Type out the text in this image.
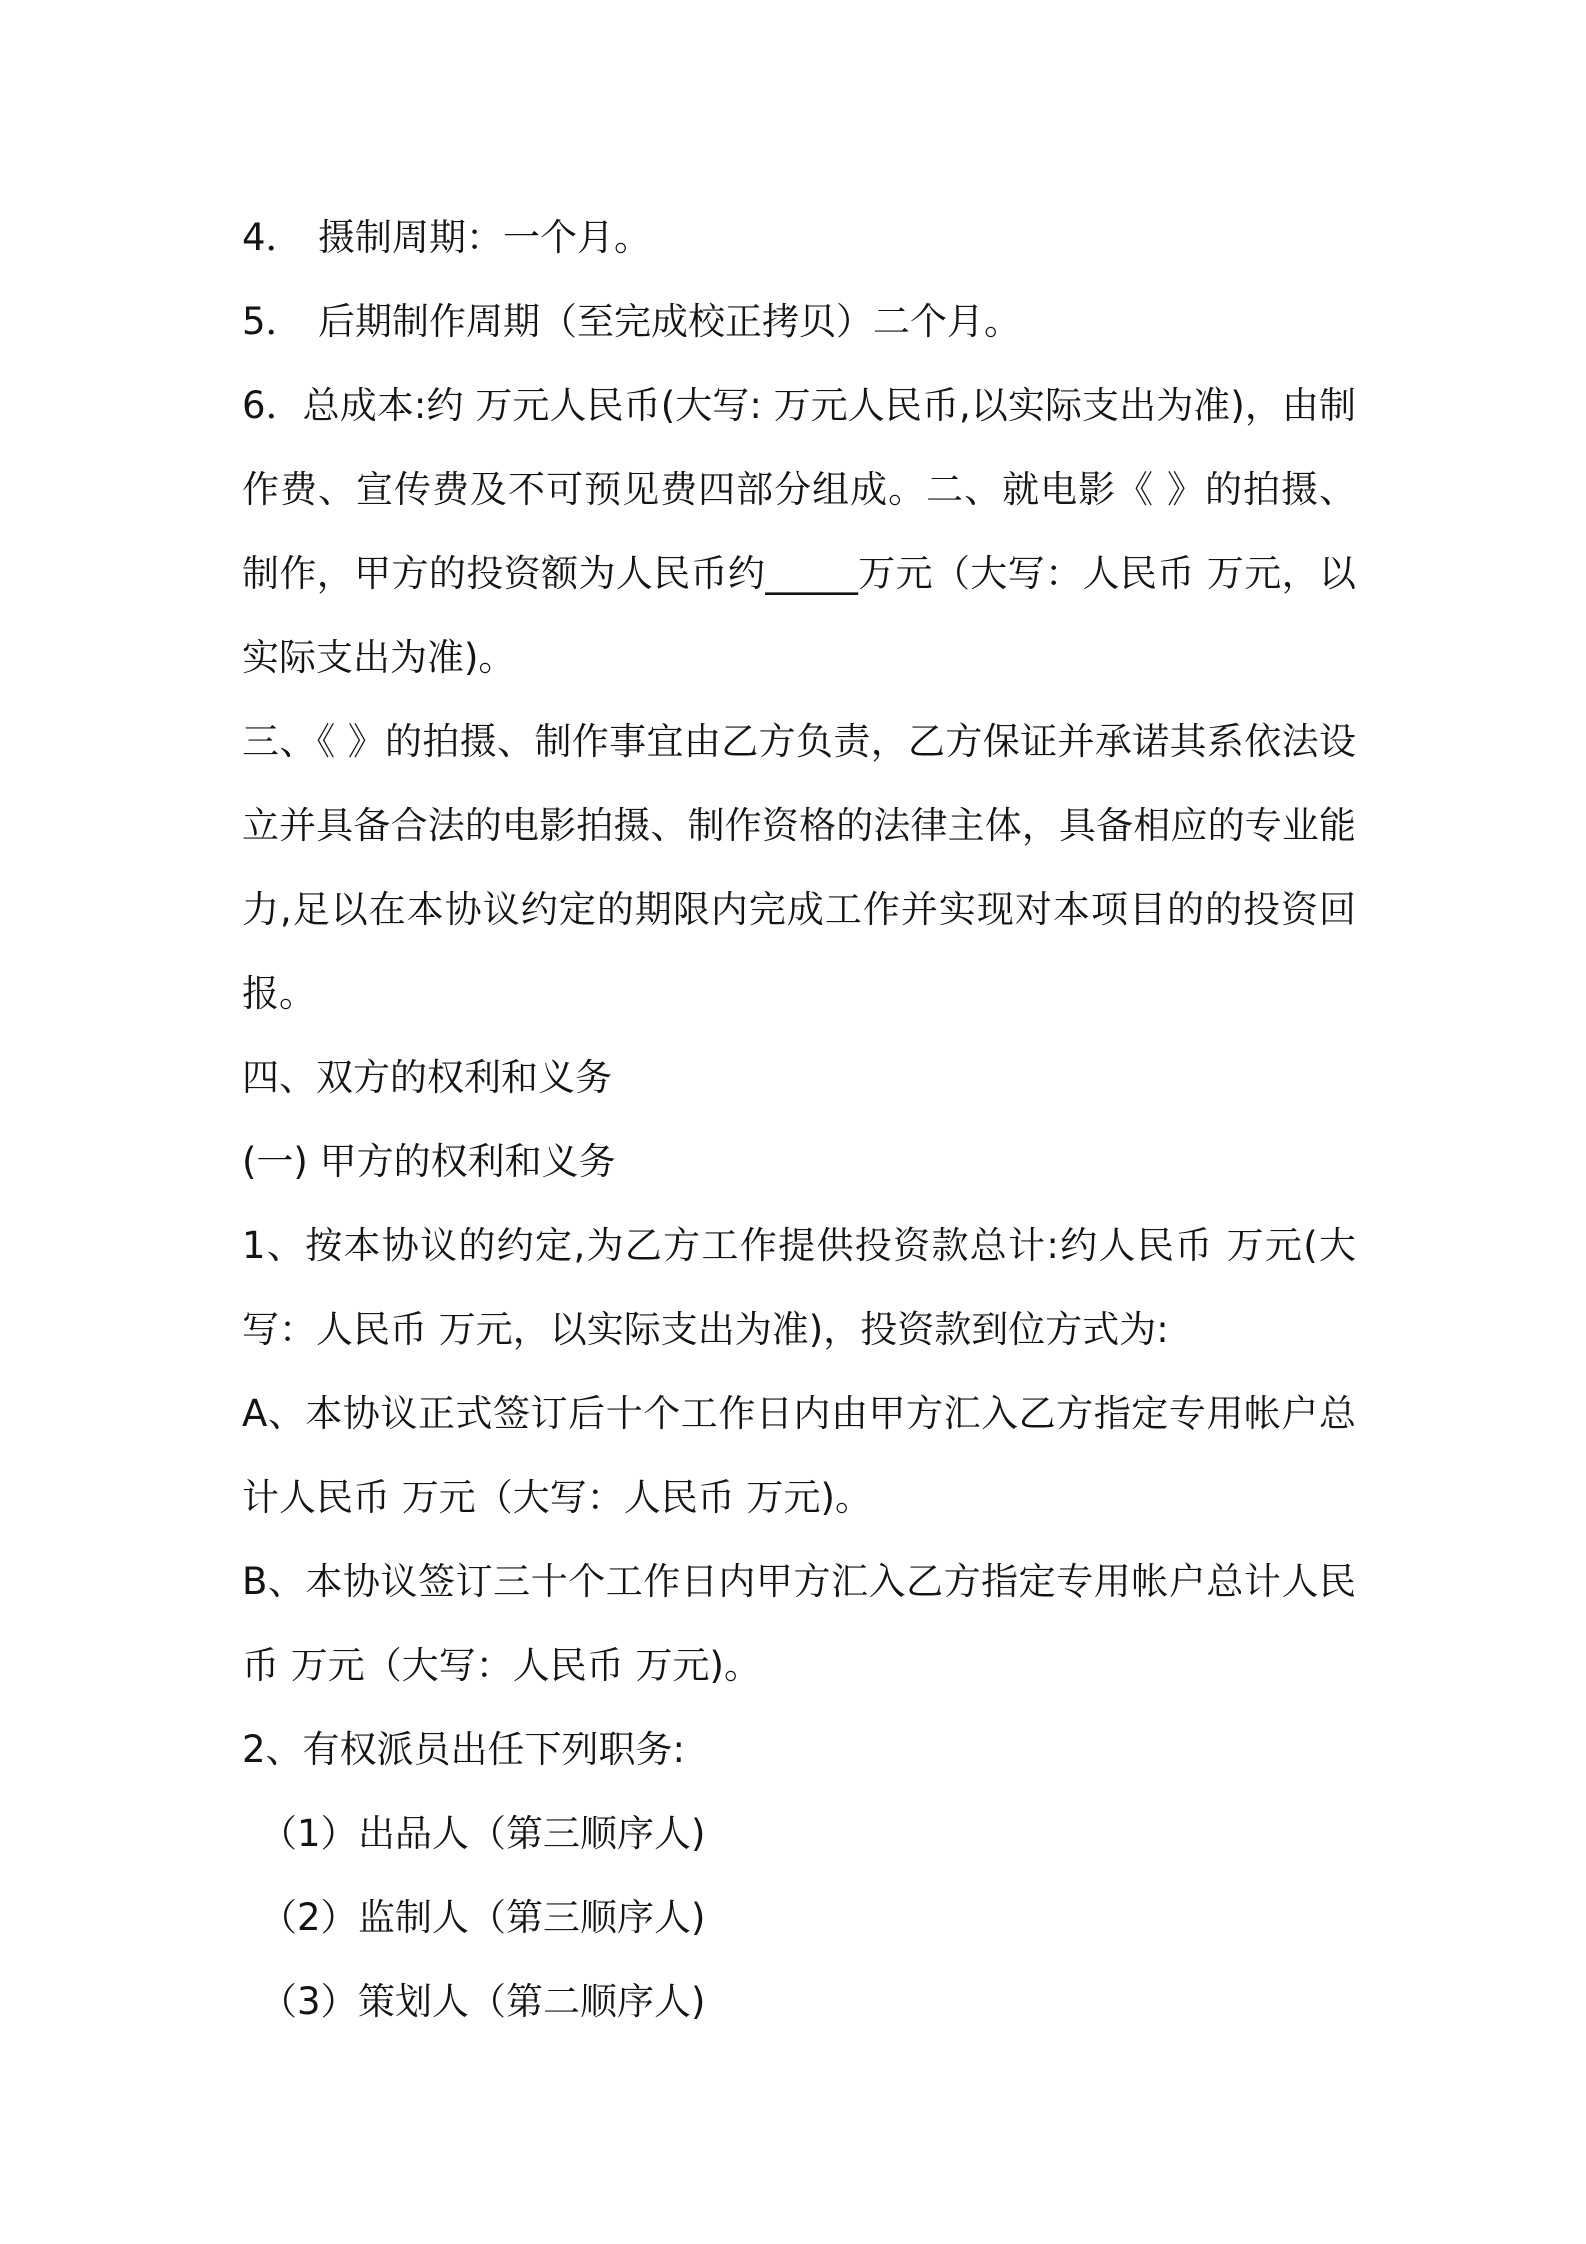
4． 摄制周期：一个月。

5． 后期制作周期（至完成校正拷贝）二个月。

6．总成本:约 万元人民币(大写: 万元人民币,以实际支出为准)，由制作费、宣传费及不可预见费四部分组成。二、就电影《 》的拍摄、制作，甲方的投资额为人民币约_____万元（大写：人民币 万元，以实际支出为准)。

三、《 》的拍摄、制作事宜由乙方负责，乙方保证并承诺其系依法设立并具备合法的电影拍摄、制作资格的法律主体，具备相应的专业能力,足以在本协议约定的期限内完成工作并实现对本项目的的投资回报。

四、双方的权利和义务

(一) 甲方的权利和义务

1、按本协议的约定,为乙方工作提供投资款总计:约人民币 万元(大写：人民币 万元，以实际支出为准)，投资款到位方式为:

A、本协议正式签订后十个工作日内由甲方汇入乙方指定专用帐户总计人民币 万元（大写：人民币 万元)。

B、本协议签订三十个工作日内甲方汇入乙方指定专用帐户总计人民币 万元（大写：人民币 万元)。

2、有权派员出任下列职务:

（1）出品人（第三顺序人)

（2）监制人（第三顺序人)

（3）策划人（第二顺序人)
